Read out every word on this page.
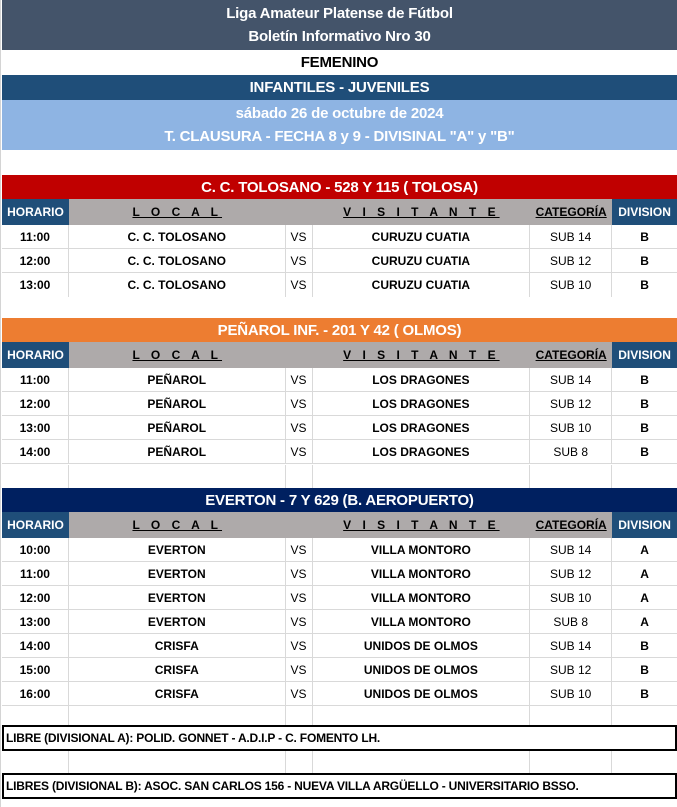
Liga Amateur Platense de Fútbol
Boletín Informativo Nro 30
FEMENINO
INFANTILES - JUVENILES
sábado 26 de octubre de 2024
T. CLAUSURA - FECHA 8 y 9 - DIVISINAL "A" y "B"
C. C. TOLOSANO - 528 Y 115 ( TOLOSA)
HORARIO	L O C A L	V I S I T A N T E	CATEGORÍA DIVISION
11:00	C. C. TOLOSANO	VS	CURUZU CUATIA	SUB 14	B
12:00	C. C. TOLOSANO	VS	CURUZU CUATIA	SUB 12	B
13:00	C. C. TOLOSANO	VS	CURUZU CUATIA	SUB 10	B
PEÑAROL INF. - 201 Y 42 ( OLMOS)
HORARIO	L O C A L	V I S I T A N T E	CATEGORÍA DIVISION
11:00	PEÑAROL	VS	LOS DRAGONES	SUB 14	B
12:00	PEÑAROL	VS	LOS DRAGONES	SUB 12	B
13:00	PEÑAROL	VS	LOS DRAGONES	SUB 10	B
14:00	PEÑAROL	VS	LOS DRAGONES	SUB 8	B
EVERTON - 7 Y 629 (B. AEROPUERTO)
HORARIO	L O C A L	V I S I T A N T E	CATEGORÍA DIVISION
10:00	EVERTON	VS	VILLA MONTORO	SUB 14	A
11:00	EVERTON	VS	VILLA MONTORO	SUB 12	A
12:00	EVERTON	VS	VILLA MONTORO	SUB 10	A
13:00	EVERTON	VS	VILLA MONTORO	SUB 8	A
14:00	CRISFA	VS	UNIDOS DE OLMOS	SUB 14	B
15:00	CRISFA	VS	UNIDOS DE OLMOS	SUB 12	B
16:00	CRISFA	VS	UNIDOS DE OLMOS	SUB 10	B
LIBRE (DIVISIONAL A): POLID. GONNET - A.D.I.P - C. FOMENTO LH.
LIBRES (DIVISIONAL B): ASOC. SAN CARLOS 156 - NUEVA VILLA ARGÜELLO - UNIVERSITARIO BSSO.
